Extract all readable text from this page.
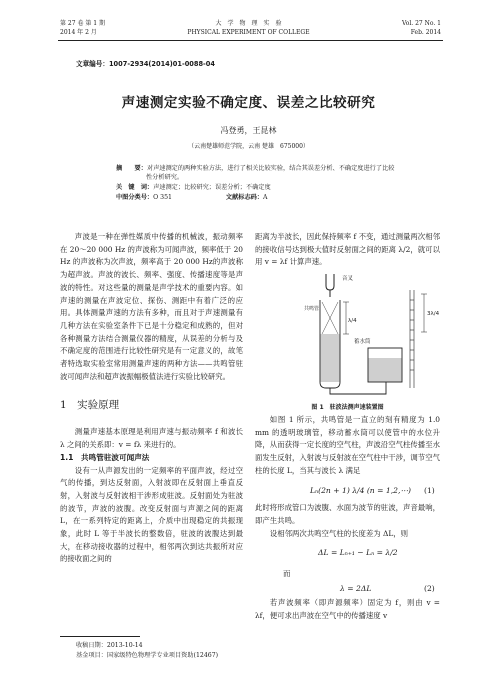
第 27 卷 第 1 期
2014 年 2 月
大　学　物　理　实　验
PHYSICAL EXPERIMENT OF COLLEGE
Vol. 27 No. 1
Feb. 2014
文章编号：1007-2934(2014)01-0088-04
声速测定实验不确定度、误差之比较研究
冯登勇，王昆林
（云南楚雄师范学院，云南 楚雄　675000）
摘　　要：对声速测定的两种实验方法，进行了相关比较实验，结合其误差分析、不确定度进行了比较
性分析研究。
关　键　词：声速测定；比较研究；误差分析；不确定度
中图分类号：O 351	文献标志码：A

声波是一种在弹性媒质中传播的机械波，振动频率在 20～20 000 Hz 的声波称为可闻声波，频率低于 20 Hz 的声波称为次声波，频率高于 20 000 Hz的声波称为超声波。声波的波长、频率、强度、传播速度等是声波的特性。对这些量的测量是声学技术的重要内容。如声速的测量在声波定位、探伤、测距中有着广泛的应用。具体测量声速的方法有多种，而且对于声速测量有几种方法在实验室条件下已是十分稳定和成熟的，但对各种测量方法结合测量仪器的精度，从误差的分析与及不确定度的范围进行比较性研究是有一定意义的，故笔者特选取实验室常用测量声速的两种方法——共鸣管驻波可闻声法和超声波振幅极值法进行实验比较研究。

1　实验原理

测量声速基本原理是利用声速与振动频率 f 和波长 λ 之间的关系即：v = fλ 来进行的。

1.1　共鸣管驻波可闻声法

设有一从声源发出的一定频率的平面声波，经过空气的传播，到达反射面，入射波即在反射面上垂直反射，入射波与反射波相干涉形成驻波。反射面处为驻波的波节，声波的波腹。改变反射面与声源之间的距离 L，在一系列特定的距离上，介质中出现稳定的共振现象，此时 L 等于半波长的整数倍，驻波的波腹达到最大，在移动接收器的过程中，相邻两次到达共振所对应的接收面之间的

距离为半波长，因此保持频率 f 不变，通过测量两次相邻的接收信号达到极大值时反射面之间的距离 λ/2，就可以用 v = λf 计算声速。
音叉
共鸣管
蓄水筒
λ/4
3λ/4
图 1　驻波法测声速装置图

如图 1 所示，共鸣管是一直立的刻有精度为 1.0 mm 的透明玻璃管，移动蓄水筒可以使管中的水位升降，从而获得一定长度的空气柱，声波沿空气柱传播至水面发生反射，入射波与反射波在空气柱中干涉，调节空气柱的长度 L，当其与波长 λ 满足

Lₙ(2n + 1) λ/4 (n = 1,2,⋯) (1)
此时将形成管口为波腹、水面为波节的驻波，声音最响，即产生共鸣。

设相邻两次共鸣空气柱的长度差为 ΔL，则

ΔL = Lₙ₊₁ − Lₙ = λ/2
而
λ = 2ΔL	(2)

若声波频率（即声源频率）固定为 f，则由 v = λf，便可求出声波在空气中的传播速度 v

收稿日期：2013-10-14
基金项目：国家级特色物理学专业项目资助(12467)
